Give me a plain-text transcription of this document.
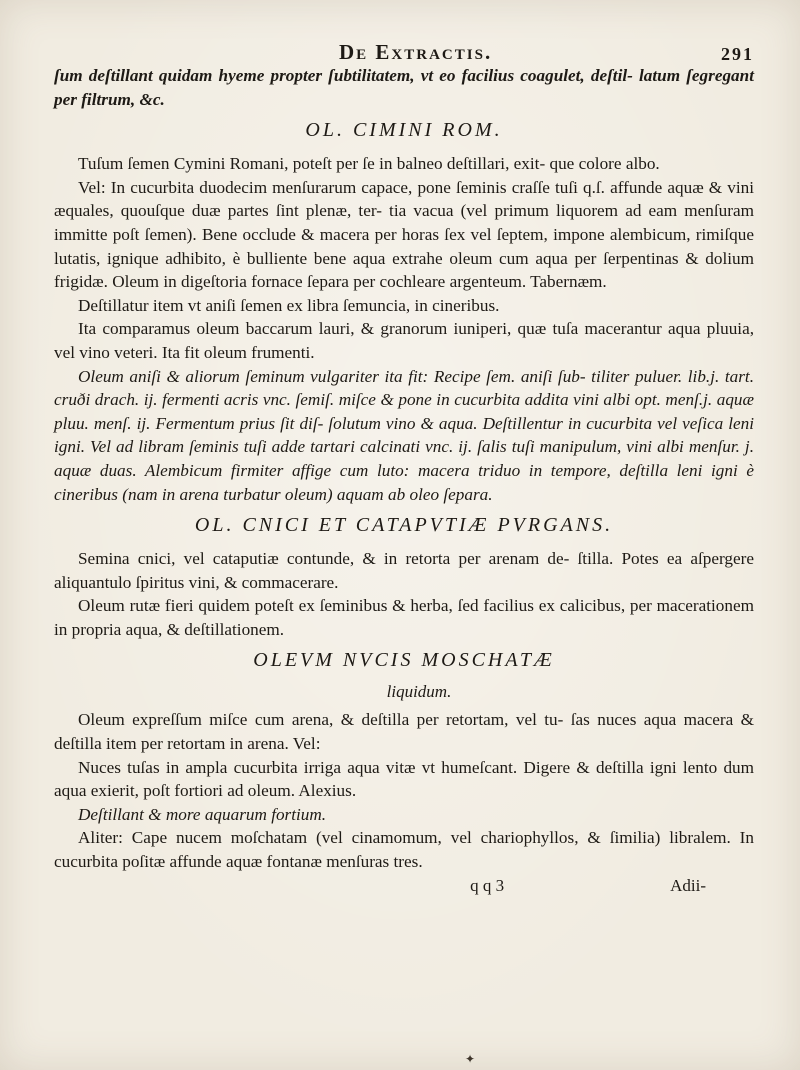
De Extractis.	291

ſum deſtillant quidam hyeme propter ſubtilitatem, vt eo facilius coagulet, deſtil- latum ſegregant per filtrum, &c.

OL. CIMINI ROM.

Tuſum ſemen Cymini Romani, poteſt per ſe in balneo deſtillari, exit- que colore albo.

Vel: In cucurbita duodecim menſurarum capace, pone ſeminis craſſe tuſi q.ſ. affunde aquæ & vini æquales, quouſque duæ partes ſint plenæ, ter- tia vacua (vel primum liquorem ad eam menſuram immitte poſt ſemen). Bene occlude & macera per horas ſex vel ſeptem, impone alembicum, rimiſque lutatis, ignique adhibito, è bulliente bene aqua extrahe oleum cum aqua per ſerpentinas & dolium frigidæ. Oleum in digeſtoria fornace ſepara per cochleare argenteum. Tabernæm.

Deſtillatur item vt aniſi ſemen ex libra ſemuncia, in cineribus.

Ita comparamus oleum baccarum lauri, & granorum iuniperi, quæ tuſa macerantur aqua pluuia, vel vino veteri. Ita fit oleum frumenti.

Oleum aniſi & aliorum ſeminum vulgariter ita fit: Recipe ſem. aniſi ſub- tiliter puluer. lib.j. tart. cruði drach. ij. fermenti acris vnc. ſemiſ. miſce & pone in cucurbita addita vini albi opt. menſ.j. aquæ pluu. menſ. ij. Fermentum prius ſit diſ- ſolutum vino & aqua. Deſtillentur in cucurbita vel veſica leni igni. Vel ad libram ſeminis tuſi adde tartari calcinati vnc. ij. ſalis tuſi manipulum, vini albi menſur. j. aquæ duas. Alembicum firmiter affige cum luto: macera triduo in tempore, deſtilla leni igni è cineribus (nam in arena turbatur oleum) aquam ab oleo ſepara.

OL. CNICI ET CATAPVTIÆ PVRGANS.

Semina cnici, vel cataputiæ contunde, & in retorta per arenam de- ſtilla. Potes ea aſpergere aliquantulo ſpiritus vini, & commacerare.

Oleum rutæ fieri quidem poteſt ex ſeminibus & herba, ſed facilius ex calicibus, per macerationem in propria aqua, & deſtillationem.

OLEVM NVCIS MOSCHATÆ
liquidum.

Oleum expreſſum miſce cum arena, & deſtilla per retortam, vel tu- ſas nuces aqua macera & deſtilla item per retortam in arena. Vel:

Nuces tuſas in ampla cucurbita irriga aqua vitæ vt humeſcant. Digere & deſtilla igni lento dum aqua exierit, poſt fortiori ad oleum. Alexius.

Deſtillant & more aquarum fortium.

Aliter: Cape nucem moſchatam (vel cinamomum, vel chariophyllos, & ſimilia) libralem. In cucurbita poſitæ affunde aquæ fontanæ menſuras tres.

q q 3	Adii-
✦
